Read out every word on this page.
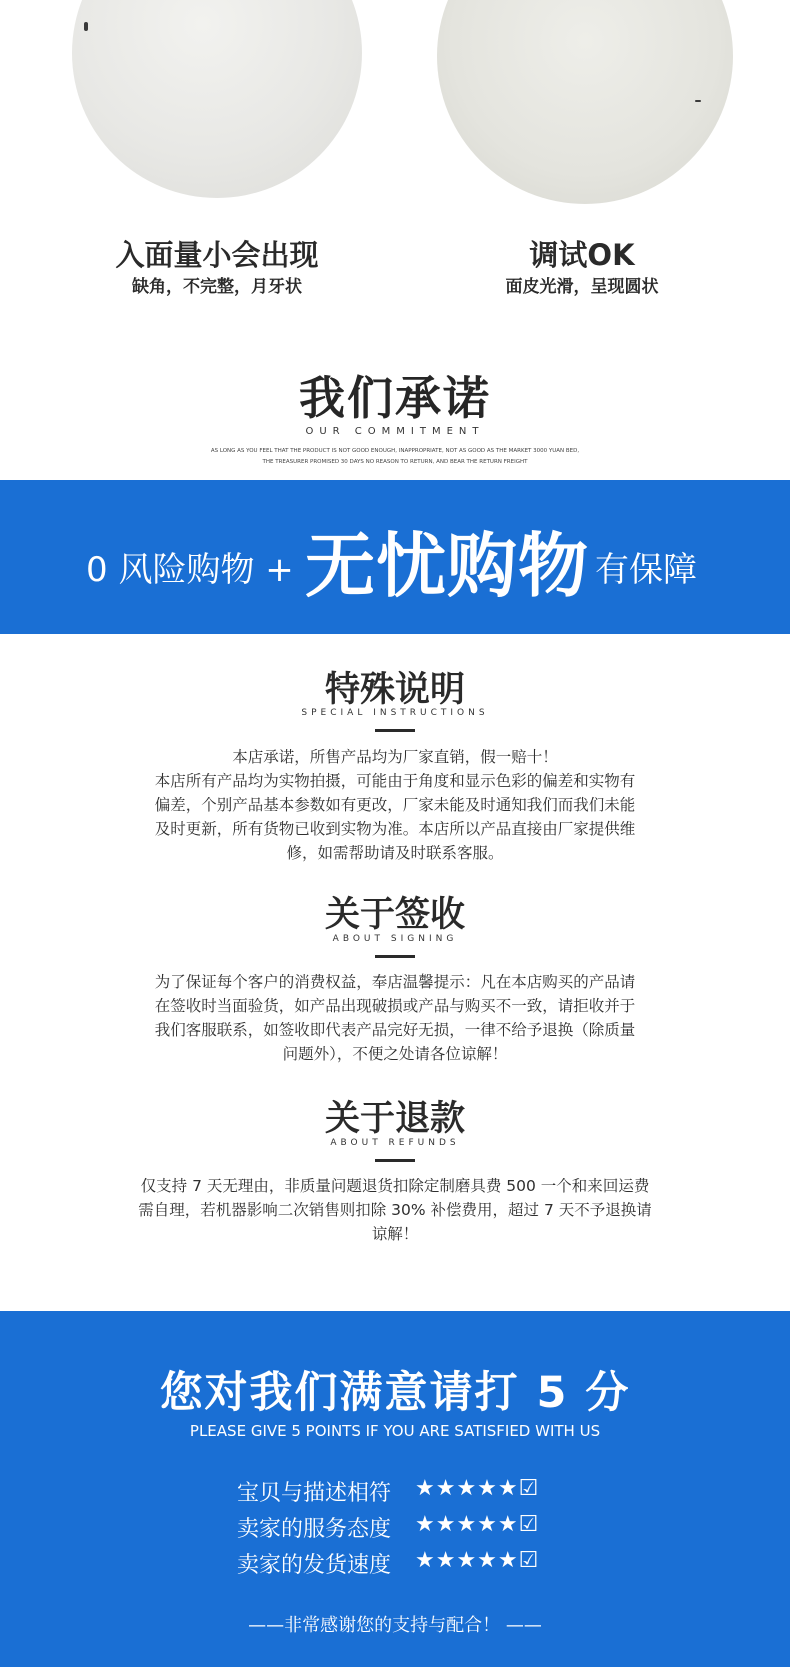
入面量小会出现
缺角，不完整，月牙状
调试OK
面皮光滑，呈现圆状
我们承诺
OUR COMMITMENT
AS LONG AS YOU FEEL THAT THE PRODUCT IS NOT GOOD ENOUGH, INAPPROPRIATE, NOT AS GOOD AS THE MARKET 3000 YUAN BED,
THE TREASURER PROMISED 30 DAYS NO REASON TO RETURN, AND BEAR THE RETURN FREIGHT
0 风险购物 + 无忧购物 有保障
特殊说明
SPECIAL INSTRUCTIONS

本店承诺，所售产品均为厂家直销，假一赔十！

本店所有产品均为实物拍摄，可能由于角度和显示色彩的偏差和实物有

偏差，个别产品基本参数如有更改，厂家未能及时通知我们而我们未能

及时更新，所有货物已收到实物为准。本店所以产品直接由厂家提供维

修，如需帮助请及时联系客服。

关于签收
ABOUT SIGNING

为了保证每个客户的消费权益，奉店温馨提示：凡在本店购买的产品请

在签收时当面验货，如产品出现破损或产品与购买不一致，请拒收并于

我们客服联系，如签收即代表产品完好无损，一律不给予退换（除质量

问题外），不便之处请各位谅解！

关于退款
ABOUT REFUNDS

仅支持 7 天无理由，非质量问题退货扣除定制磨具费 500 一个和来回运费

需自理，若机器影响二次销售则扣除 30% 补偿费用，超过 7 天不予退换请

谅解！

您对我们满意请打 5 分
PLEASE GIVE 5 POINTS IF YOU ARE SATISFIED WITH US
宝贝与描述相符 ★★★★★☑
卖家的服务态度 ★★★★★☑
卖家的发货速度 ★★★★★☑
——非常感谢您的支持与配合！ ——
